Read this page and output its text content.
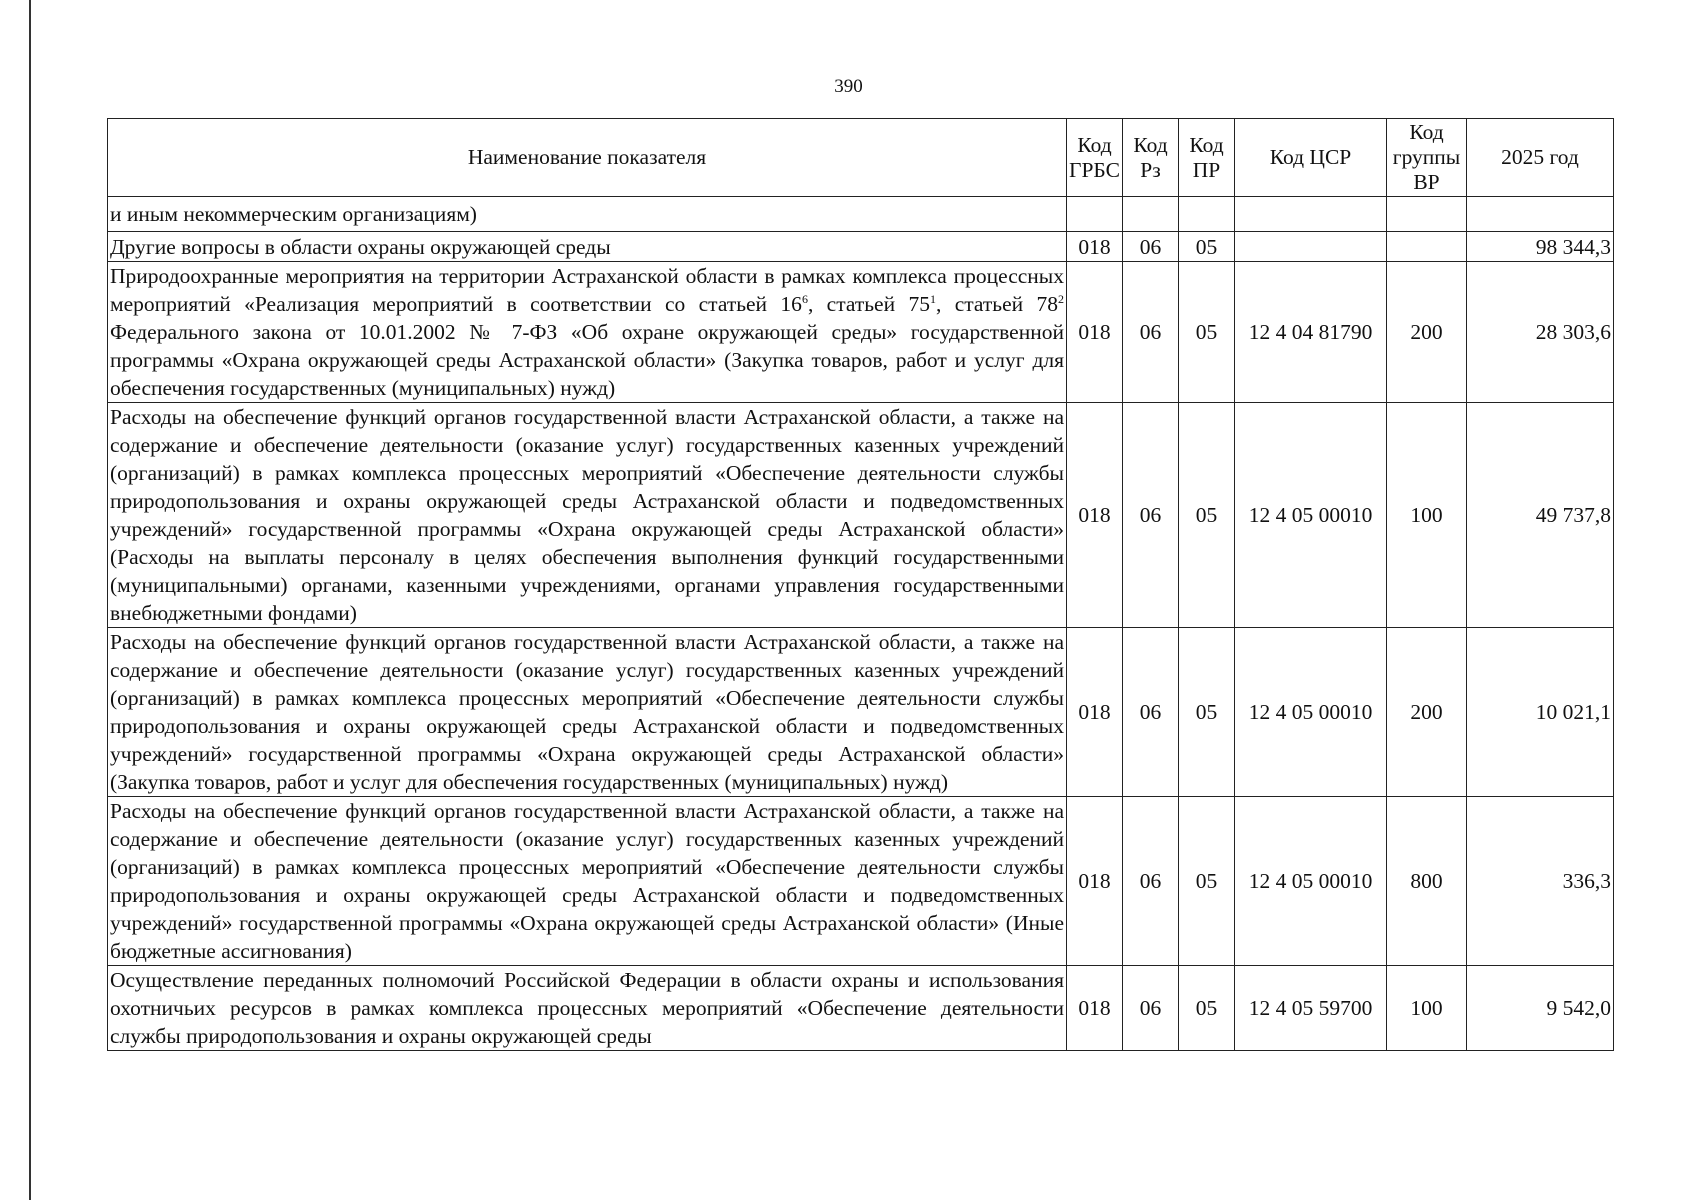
390
Наименование показателя	Код ГРБС	Код Рз	Код ПР	Код ЦСР	Код группы ВР	2025 год
и иным некоммерческим организациям)						
Другие вопросы в области охраны окружающей среды	018	06	05			98 344,3
Природоохранные мероприятия на территории Астраханской области в рамках комплекса процессных мероприятий «Реализация мероприятий в соответствии со статьей $16^6$, статьей $75^1$, статьей $78^2$ Федерального закона от 10.01.2002 № 7-ФЗ «Об охране окружающей среды» государственной программы «Охрана окружающей среды Астраханской области» (Закупка товаров, работ и услуг для обеспечения государственных (муниципальных) нужд)	018	06	05	12 4 04 81790	200	28 303,6
Расходы на обеспечение функций органов государственной власти Астраханской области, а также на содержание и обеспечение деятельности (оказание услуг) государственных казенных учреждений (организаций) в рамках комплекса процессных мероприятий «Обеспечение деятельности службы природопользования и охраны окружающей среды Астраханской области и подведомственных учреждений» государственной программы «Охрана окружающей среды Астраханской области» (Расходы на выплаты персоналу в целях обеспечения выполнения функций государственными (муниципальными) органами, казенными учреждениями, органами управления государственными внебюджетными фондами)	018	06	05	12 4 05 00010	100	49 737,8
Расходы на обеспечение функций органов государственной власти Астраханской области, а также на содержание и обеспечение деятельности (оказание услуг) государственных казенных учреждений (организаций) в рамках комплекса процессных мероприятий «Обеспечение деятельности службы природопользования и охраны окружающей среды Астраханской области и подведомственных учреждений» государственной программы «Охрана окружающей среды Астраханской области» (Закупка товаров, работ и услуг для обеспечения государственных (муниципальных) нужд)	018	06	05	12 4 05 00010	200	10 021,1
Расходы на обеспечение функций органов государственной власти Астраханской области, а также на содержание и обеспечение деятельности (оказание услуг) государственных казенных учреждений (организаций) в рамках комплекса процессных мероприятий «Обеспечение деятельности службы природопользования и охраны окружающей среды Астраханской области и подведомственных учреждений» государственной программы «Охрана окружающей среды Астраханской области» (Иные бюджетные ассигнования)	018	06	05	12 4 05 00010	800	336,3
Осуществление переданных полномочий Российской Федерации в области охраны и использования охотничьих ресурсов в рамках комплекса процессных мероприятий «Обеспечение деятельности службы природопользования и охраны окружающей среды	018	06	05	12 4 05 59700	100	9 542,0
